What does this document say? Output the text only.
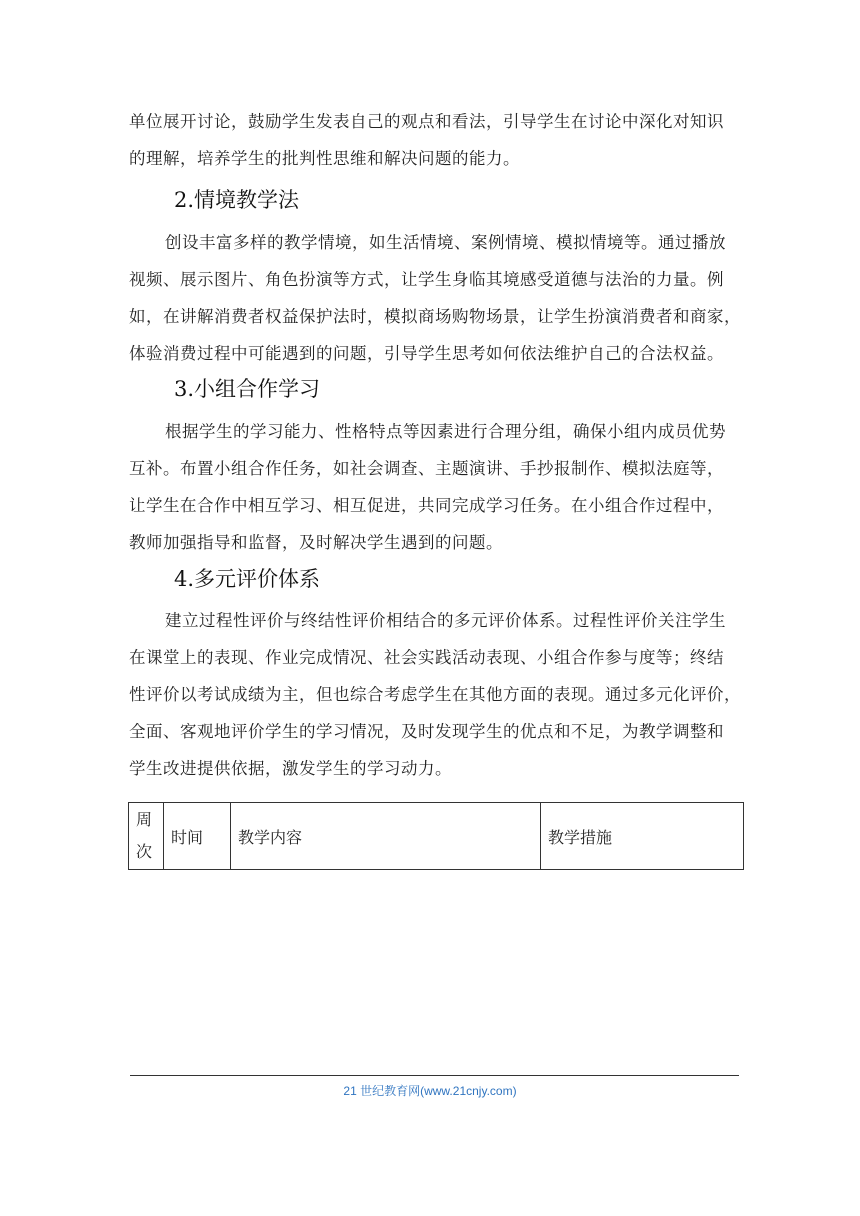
单位展开讨论，鼓励学生发表自己的观点和看法，引导学生在讨论中深化对知识
的理解，培养学生的批判性思维和解决问题的能力。

2.情境教学法

创设丰富多样的教学情境，如生活情境、案例情境、模拟情境等。通过播放
视频、展示图片、角色扮演等方式，让学生身临其境感受道德与法治的力量。例
如，在讲解消费者权益保护法时，模拟商场购物场景，让学生扮演消费者和商家，
体验消费过程中可能遇到的问题，引导学生思考如何依法维护自己的合法权益。

3.小组合作学习

根据学生的学习能力、性格特点等因素进行合理分组，确保小组内成员优势
互补。布置小组合作任务，如社会调查、主题演讲、手抄报制作、模拟法庭等，
让学生在合作中相互学习、相互促进，共同完成学习任务。在小组合作过程中，
教师加强指导和监督，及时解决学生遇到的问题。

4.多元评价体系

建立过程性评价与终结性评价相结合的多元评价体系。过程性评价关注学生
在课堂上的表现、作业完成情况、社会实践活动表现、小组合作参与度等；终结
性评价以考试成绩为主，但也综合考虑学生在其他方面的表现。通过多元化评价，
全面、客观地评价学生的学习情况，及时发现学生的优点和不足，为教学调整和
学生改进提供依据，激发学生的学习动力。

周
次	时间	教学内容	教学措施
21 世纪教育网(www.21cnjy.com)
